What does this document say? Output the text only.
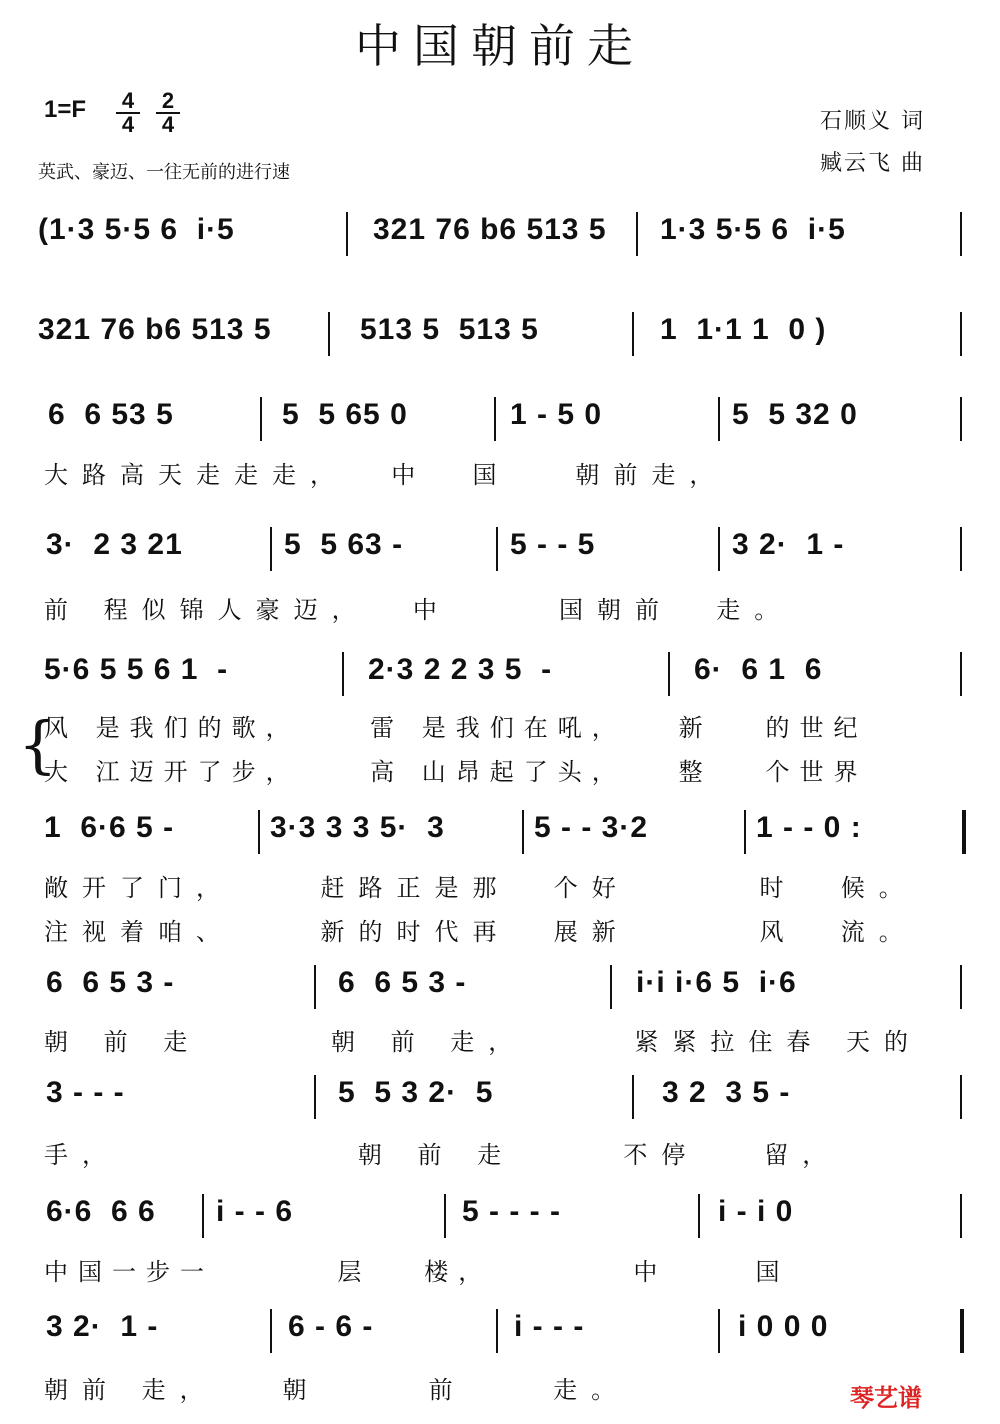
中国朝前走
$1=F \frac{4}{4} \frac{2}{4}$	石顺义 词
臧云飞 曲
英武、豪迈、一往无前的进行速
(1·3 5·5 6  i·5	321 76 b6 513 5 1·3 5·5 6  i·5
321 76 b6 513 5	513 5  513 5	1  1·1 1  0 )
6  6 53 5	5  5 65 0	1 - 5 0	5  5 32 0
大路高天走走走，  中  国   朝前走，
3·  2 3 21	5  5 63 -	5 - - 5	3 2·  1 -
前 程似锦人豪迈，  中     国朝前  走。
5·6 5 5 6 1  -	2·3 2 2 3 5  -	6·  6 1  6
{
风 是我们的歌，    雷 是我们在吼，   新   的世纪
大 江迈开了步，    高 山昂起了头，   整   个世界
1  6·6 5 -	3·3 3 3 5·  3	5 - - 3·2	1 - - 0 :
敞开了门，    赶路正是那  个好      时  候。
注视着咱、    新的时代再  展新      风  流。
6  6 5 3 -	6  6 5 3 -	i·i i·6 5  i·6
朝 前 走      朝 前 走，     紧紧拉住春 天的
3 - - -	5  5 3 2·  5	3 2  3 5 -
手，           朝 前 走     不停   留，
6·6  6 6 i - - 6	5 - - - -	i - i 0
中国一步一       层   楼，        中     国
3 2·  1 -	6 - 6 -	i - - -	i 0 0 0
朝前 走，   朝     前    走。	琴艺谱
